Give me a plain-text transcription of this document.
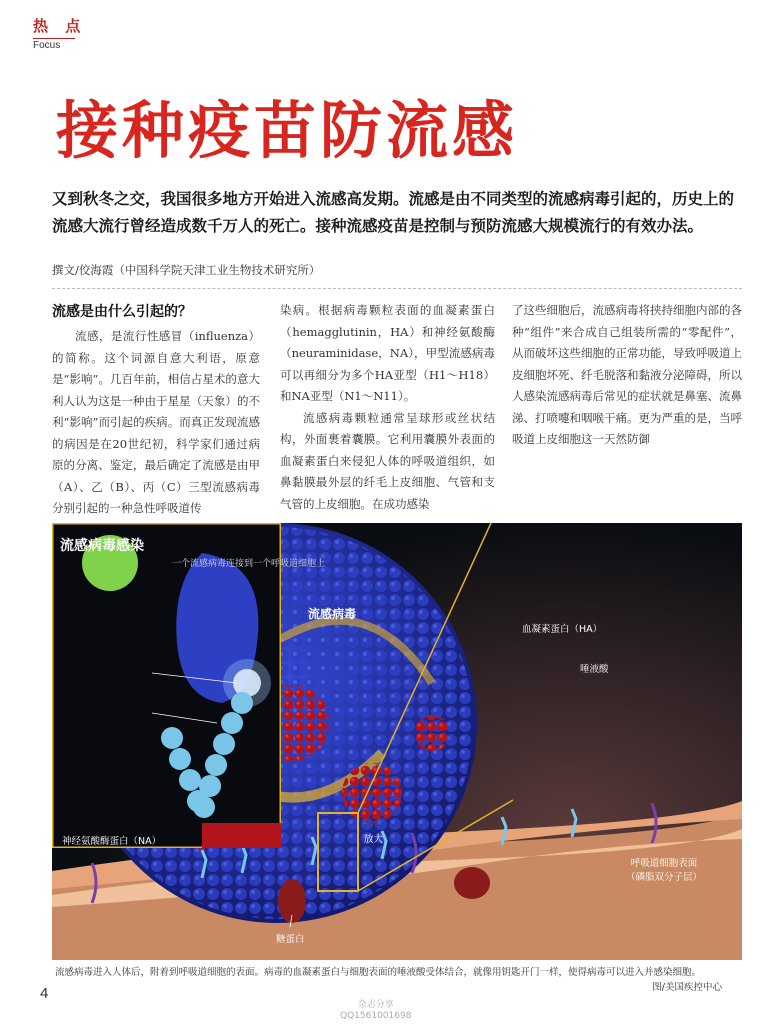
热 点
Focus
接种疫苗防流感
又到秋冬之交，我国很多地方开始进入流感高发期。流感是由不同类型的流感病毒引起的，历史上的流感大流行曾经造成数千万人的死亡。接种流感疫苗是控制与预防流感大规模流行的有效办法。
撰文/佼海霞（中国科学院天津工业生物技术研究所）
流感是由什么引起的？

流感，是流行性感冒（influenza）的简称。这个词源自意大利语，原意是“影响”。几百年前，相信占星术的意大利人认为这是一种由于星星（天象）的不利“影响”而引起的疾病。而真正发现流感的病因是在20世纪初，科学家们通过病原的分离、鉴定，最后确定了流感是由甲（A）、乙（B）、丙（C）三型流感病毒分别引起的一种急性呼吸道传

染病。根据病毒颗粒表面的血凝素蛋白（hemagglutinin，HA）和神经氨酸酶（neuraminidase，NA），甲型流感病毒可以再细分为多个HA亚型（H1～H18）和NA亚型（N1～N11）。

流感病毒颗粒通常呈球形或丝状结构，外面裹着囊膜。它利用囊膜外表面的血凝素蛋白来侵犯人体的呼吸道组织，如鼻黏膜最外层的纤毛上皮细胞、气管和支气管的上皮细胞。在成功感染

了这些细胞后，流感病毒将挟持细胞内部的各种“组件”来合成自己组装所需的“零配件”，从而破坏这些细胞的正常功能，导致呼吸道上皮细胞坏死、纤毛脱落和黏液分泌障碍，所以人感染流感病毒后常见的症状就是鼻塞、流鼻涕、打喷嚏和咽喉干痛。更为严重的是，当呼吸道上皮细胞这一天然防御

流感病毒感染
一个流感病毒连接到一个呼吸道细胞上
流感病毒
神经氨酸酶蛋白（NA）	放大
糖蛋白
呼吸道细胞表面
（磷脂双分子层）
血凝素蛋白（HA）
唾液酸
流感病毒进入人体后，附着到呼吸道细胞的表面。病毒的血凝素蛋白与细胞表面的唾液酸受体结合，就像用钥匙开门一样，使得病毒可以进入并感染细胞。
图/美国疾控中心
4
杂志分享
QQ1561001698
